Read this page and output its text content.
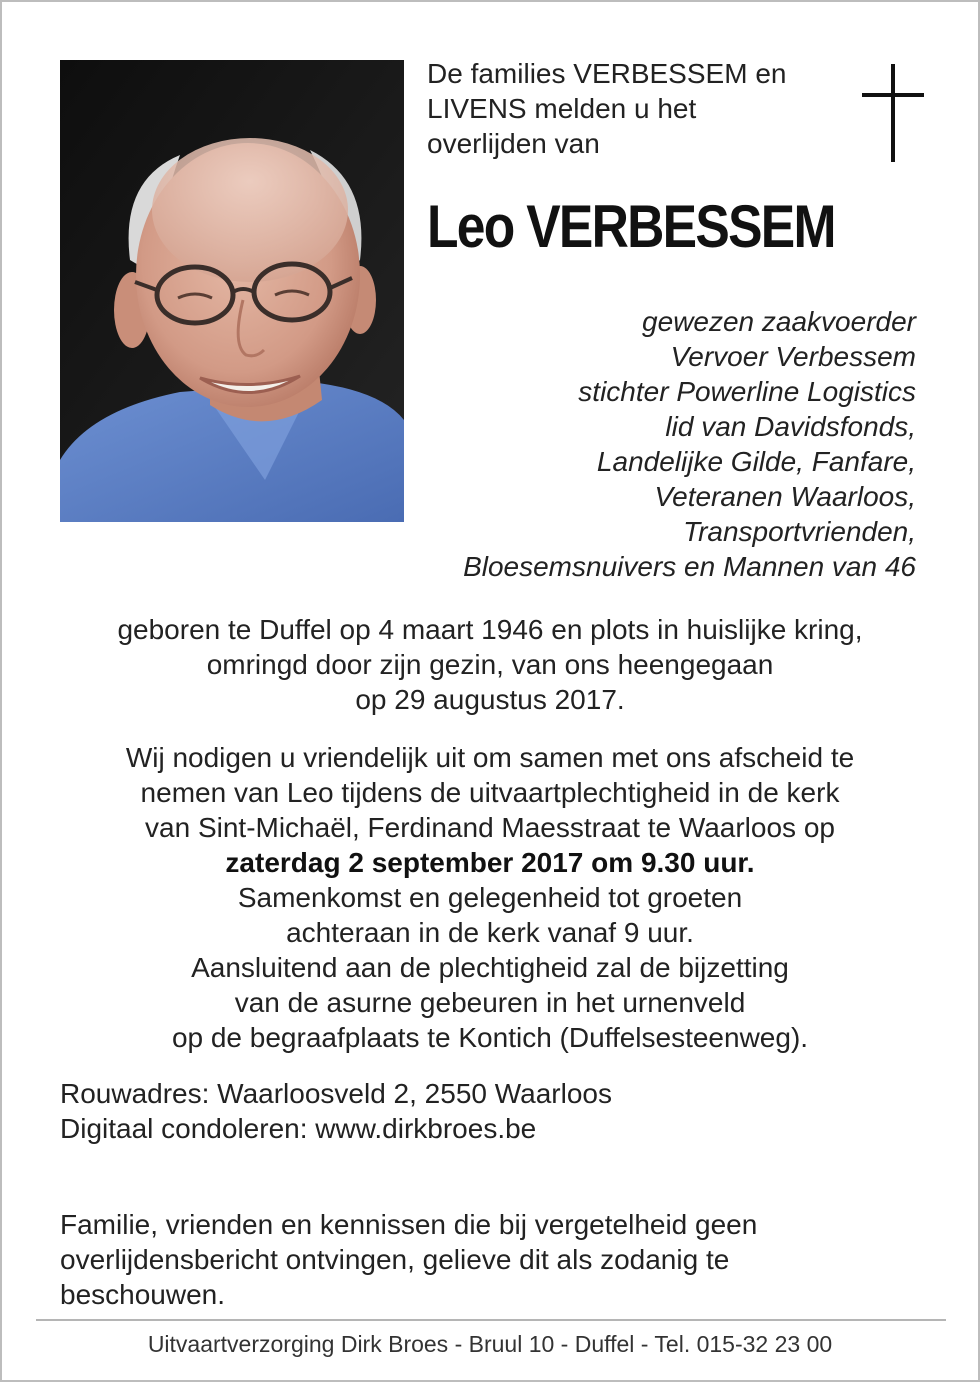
De families VERBESSEM en
LIVENS melden u het
overlijden van
Leo VERBESSEM
gewezen zaakvoerder
Vervoer Verbessem
stichter Powerline Logistics
lid van Davidsfonds,
Landelijke Gilde, Fanfare,
Veteranen Waarloos,
Transportvrienden,
Bloesemsnuivers en Mannen van 46
geboren te Duffel op 4 maart 1946 en plots in huislijke kring,
omringd door zijn gezin, van ons heengegaan
op 29 augustus 2017.
Wij nodigen u vriendelijk uit om samen met ons afscheid te
nemen van Leo tijdens de uitvaartplechtigheid in de kerk
van Sint-Michaël, Ferdinand Maesstraat te Waarloos op
zaterdag 2 september 2017 om 9.30 uur.
Samenkomst en gelegenheid tot groeten
achteraan in de kerk vanaf 9 uur.
Aansluitend aan de plechtigheid zal de bijzetting
van de asurne gebeuren in het urnenveld
op de begraafplaats te Kontich (Duffelsesteenweg).
Rouwadres: Waarloosveld 2, 2550 Waarloos
Digitaal condoleren: www.dirkbroes.be
Familie, vrienden en kennissen die bij vergetelheid geen
overlijdensbericht ontvingen, gelieve dit als zodanig te
beschouwen.
Uitvaartverzorging Dirk Broes - Bruul 10 - Duffel - Tel. 015-32 23 00
